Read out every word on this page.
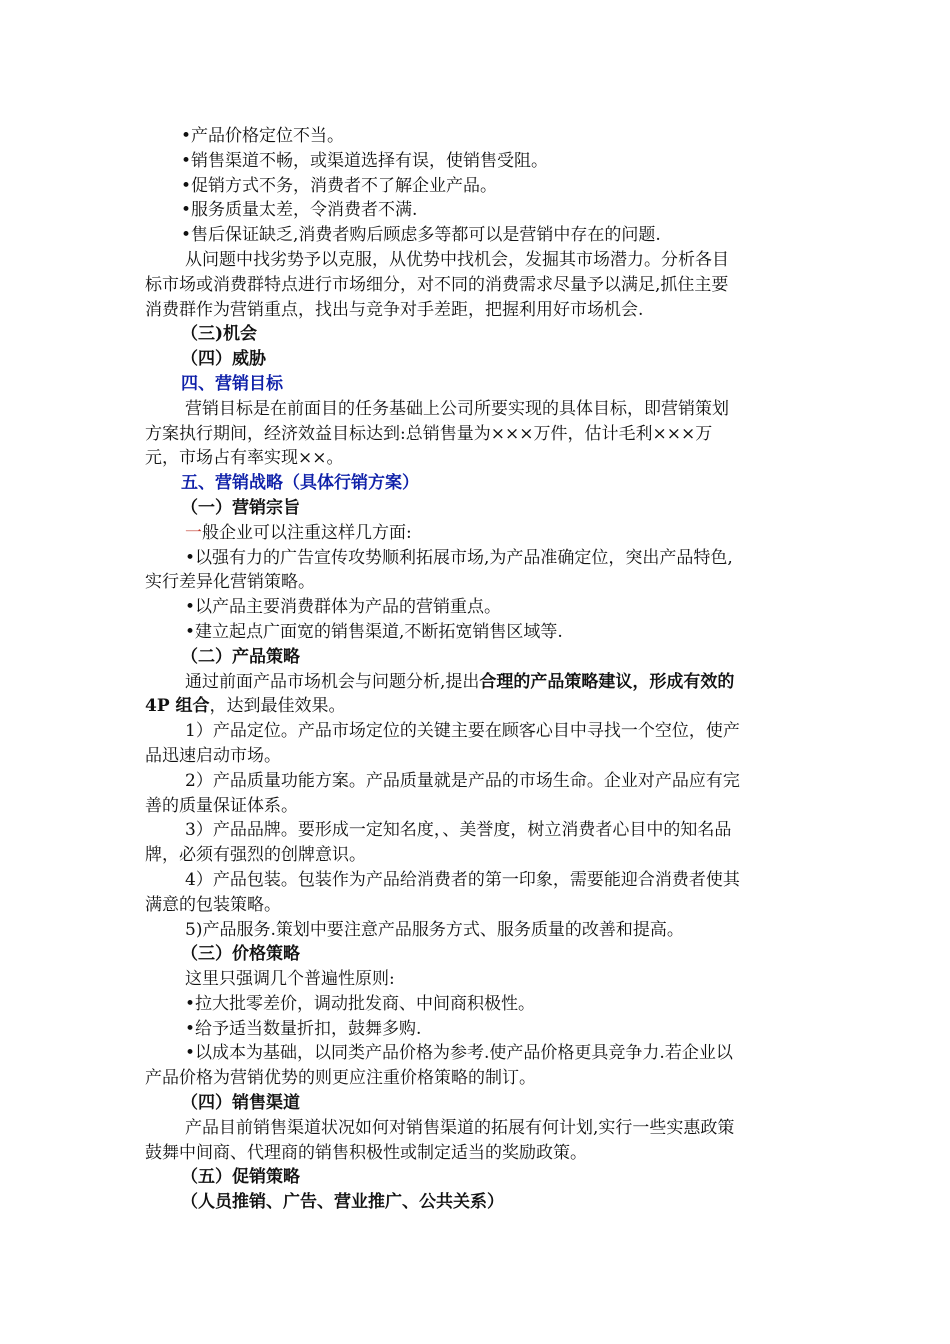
•产品价格定位不当。
•销售渠道不畅，或渠道选择有误，使销售受阻。
•促销方式不务，消费者不了解企业产品。
•服务质量太差，令消费者不满.
•售后保证缺乏,消费者购后顾虑多等都可以是营销中存在的问题.
从问题中找劣势予以克服，从优势中找机会，发掘其市场潜力。分析各目
标市场或消费群特点进行市场细分，对不同的消费需求尽量予以满足,抓住主要
消费群作为营销重点，找出与竞争对手差距，把握利用好市场机会.
（三)机会
（四）威胁
四、营销目标
营销目标是在前面目的任务基础上公司所要实现的具体目标，即营销策划
方案执行期间，经济效益目标达到:总销售量为×××万件，估计毛利×××万
元，市场占有率实现××。
五、营销战略（具体行销方案）
（一）营销宗旨
一般企业可以注重这样几方面:
•以强有力的广告宣传攻势顺利拓展市场,为产品准确定位，突出产品特色,
实行差异化营销策略。
•以产品主要消费群体为产品的营销重点。
•建立起点广面宽的销售渠道,不断拓宽销售区域等.
（二）产品策略
通过前面产品市场机会与问题分析,提出合理的产品策略建议，形成有效的
4P 组合，达到最佳效果。
1）产品定位。产品市场定位的关键主要在顾客心目中寻找一个空位，使产
品迅速启动市场。
2）产品质量功能方案。产品质量就是产品的市场生命。企业对产品应有完
善的质量保证体系。
3）产品品牌。要形成一定知名度，、美誉度，树立消费者心目中的知名品
牌，必须有强烈的创牌意识。
4）产品包装。包装作为产品给消费者的第一印象，需要能迎合消费者使其
满意的包装策略。
5)产品服务.策划中要注意产品服务方式、服务质量的改善和提高。
（三）价格策略
这里只强调几个普遍性原则:
•拉大批零差价，调动批发商、中间商积极性。
•给予适当数量折扣，鼓舞多购.
•以成本为基础，以同类产品价格为参考.使产品价格更具竞争力.若企业以
产品价格为营销优势的则更应注重价格策略的制订。
（四）销售渠道
产品目前销售渠道状况如何对销售渠道的拓展有何计划,实行一些实惠政策
鼓舞中间商、代理商的销售积极性或制定适当的奖励政策。
（五）促销策略
（人员推销、广告、营业推广、公共关系）
